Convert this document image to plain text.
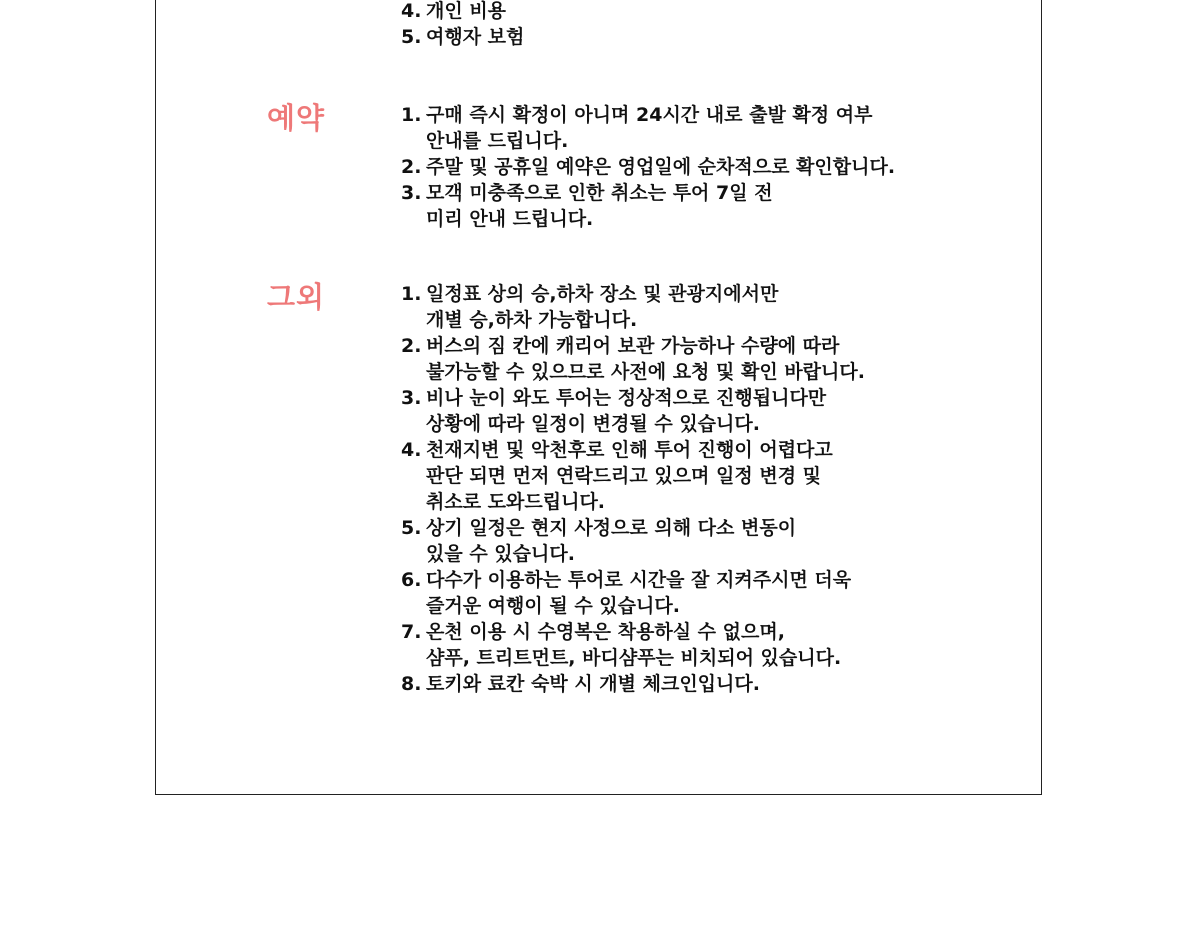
4. 개인 비용
5. 여행자 보험
예약	1. 구매 즉시 확정이 아니며 24시간 내로 출발 확정 여부
안내를 드립니다.
2. 주말 및 공휴일 예약은 영업일에 순차적으로 확인합니다.
3. 모객 미충족으로 인한 취소는 투어 7일 전
미리 안내 드립니다.
그외	1. 일정표 상의 승,하차 장소 및 관광지에서만
개별 승,하차 가능합니다.
2. 버스의 짐 칸에 캐리어 보관 가능하나 수량에 따라
불가능할 수 있으므로 사전에 요청 및 확인 바랍니다.
3. 비나 눈이 와도 투어는 정상적으로 진행됩니다만
상황에 따라 일정이 변경될 수 있습니다.
4. 천재지변 및 악천후로 인해 투어 진행이 어렵다고
판단 되면 먼저 연락드리고 있으며 일정 변경 및
취소로 도와드립니다.
5. 상기 일정은 현지 사정으로 의해 다소 변동이
있을 수 있습니다.
6. 다수가 이용하는 투어로 시간을 잘 지켜주시면 더욱
즐거운 여행이 될 수 있습니다.
7. 온천 이용 시 수영복은 착용하실 수 없으며,
샴푸, 트리트먼트, 바디샴푸는 비치되어 있습니다.
8. 토키와 료칸 숙박 시 개별 체크인입니다.
